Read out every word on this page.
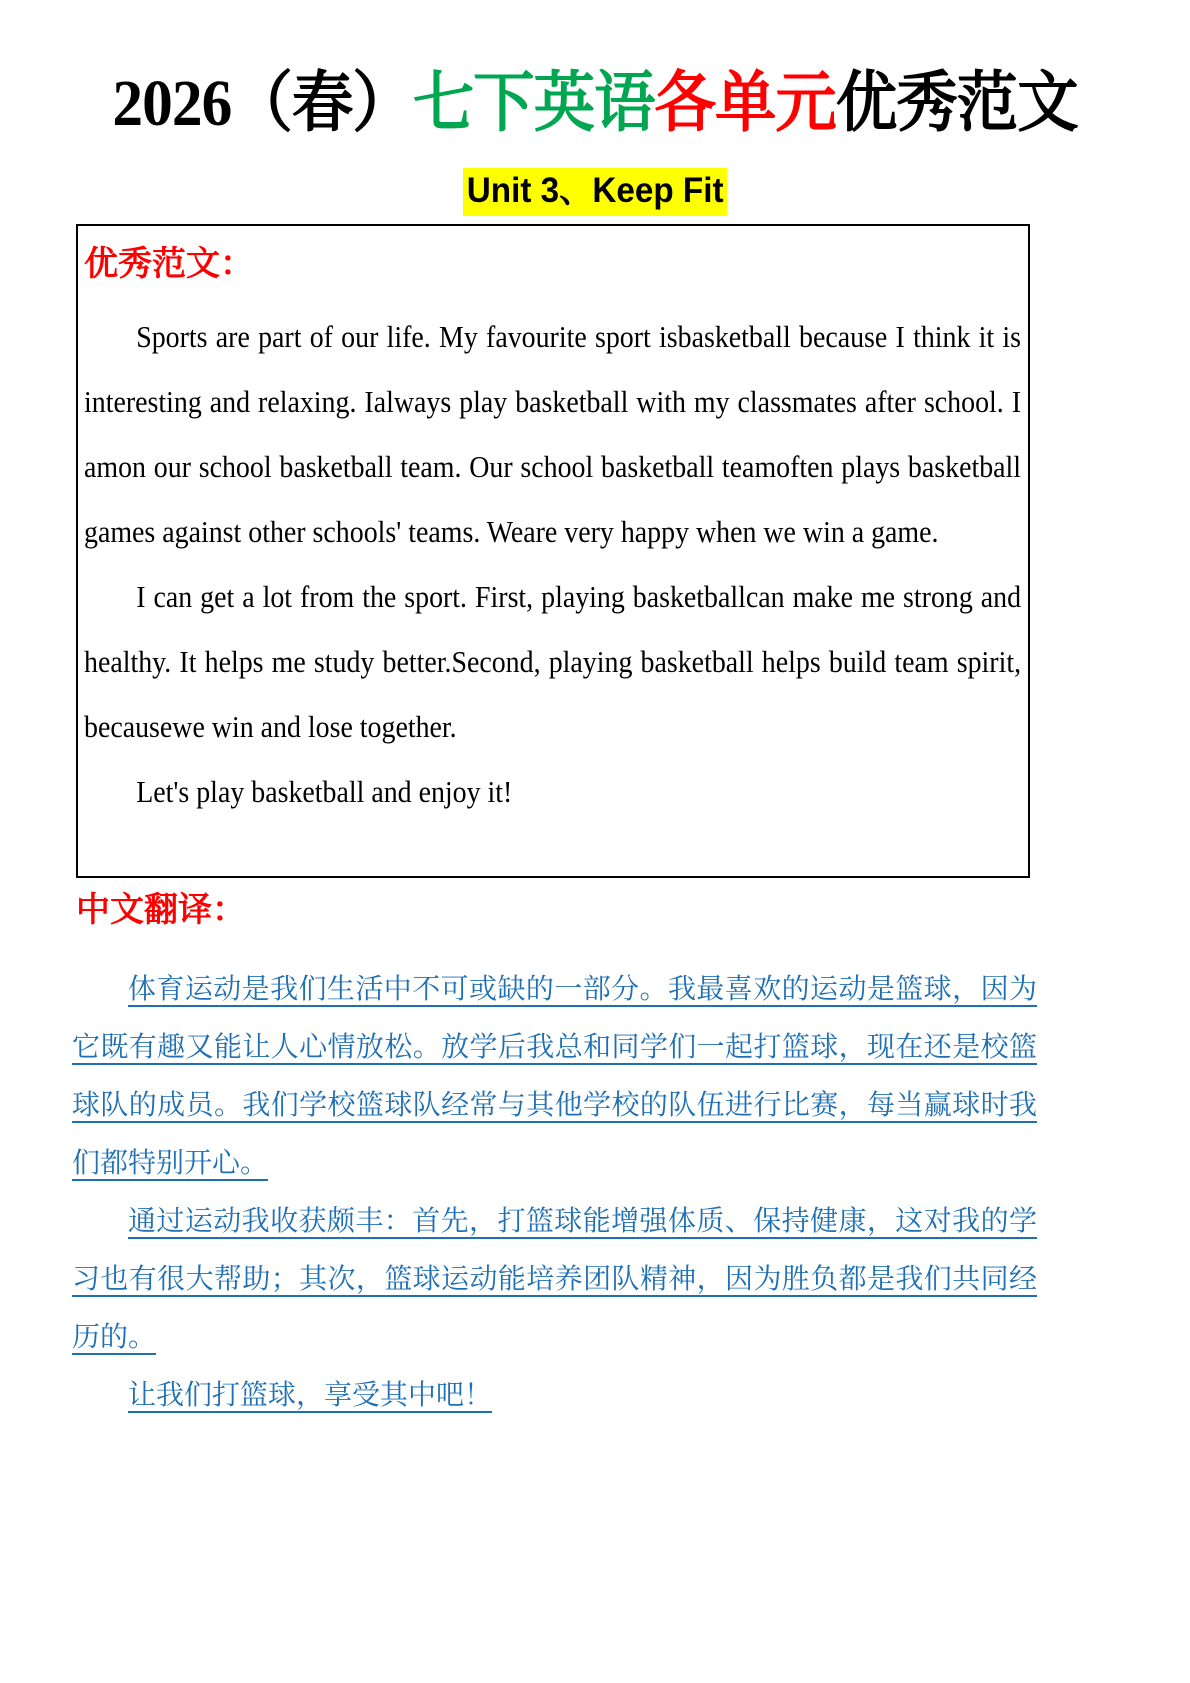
2026（春）七下英语各单元优秀范文
Unit 3、Keep Fit
优秀范文：

Sports are part of our life. My favourite sport isbasketball because I think it is interesting and relaxing. Ialways play basketball with my classmates after school. I amon our school basketball team. Our school basketball teamoften plays basketball games against other schools' teams. Weare very happy when we win a game.

I can get a lot from the sport. First, playing basketballcan make me strong and healthy. It helps me study better.Second, playing basketball helps build team spirit, becausewe win and lose together.

Let's play basketball and enjoy it!

中文翻译：

体育运动是我们生活中不可或缺的一部分。我最喜欢的运动是篮球，因为它既有趣又能让人心情放松。放学后我总和同学们一起打篮球，现在还是校篮球队的成员。我们学校篮球队经常与其他学校的队伍进行比赛，每当赢球时我们都特别开心。

通过运动我收获颇丰：首先，打篮球能增强体质、保持健康，这对我的学习也有很大帮助；其次，篮球运动能培养团队精神，因为胜负都是我们共同经历的。

让我们打篮球，享受其中吧！
